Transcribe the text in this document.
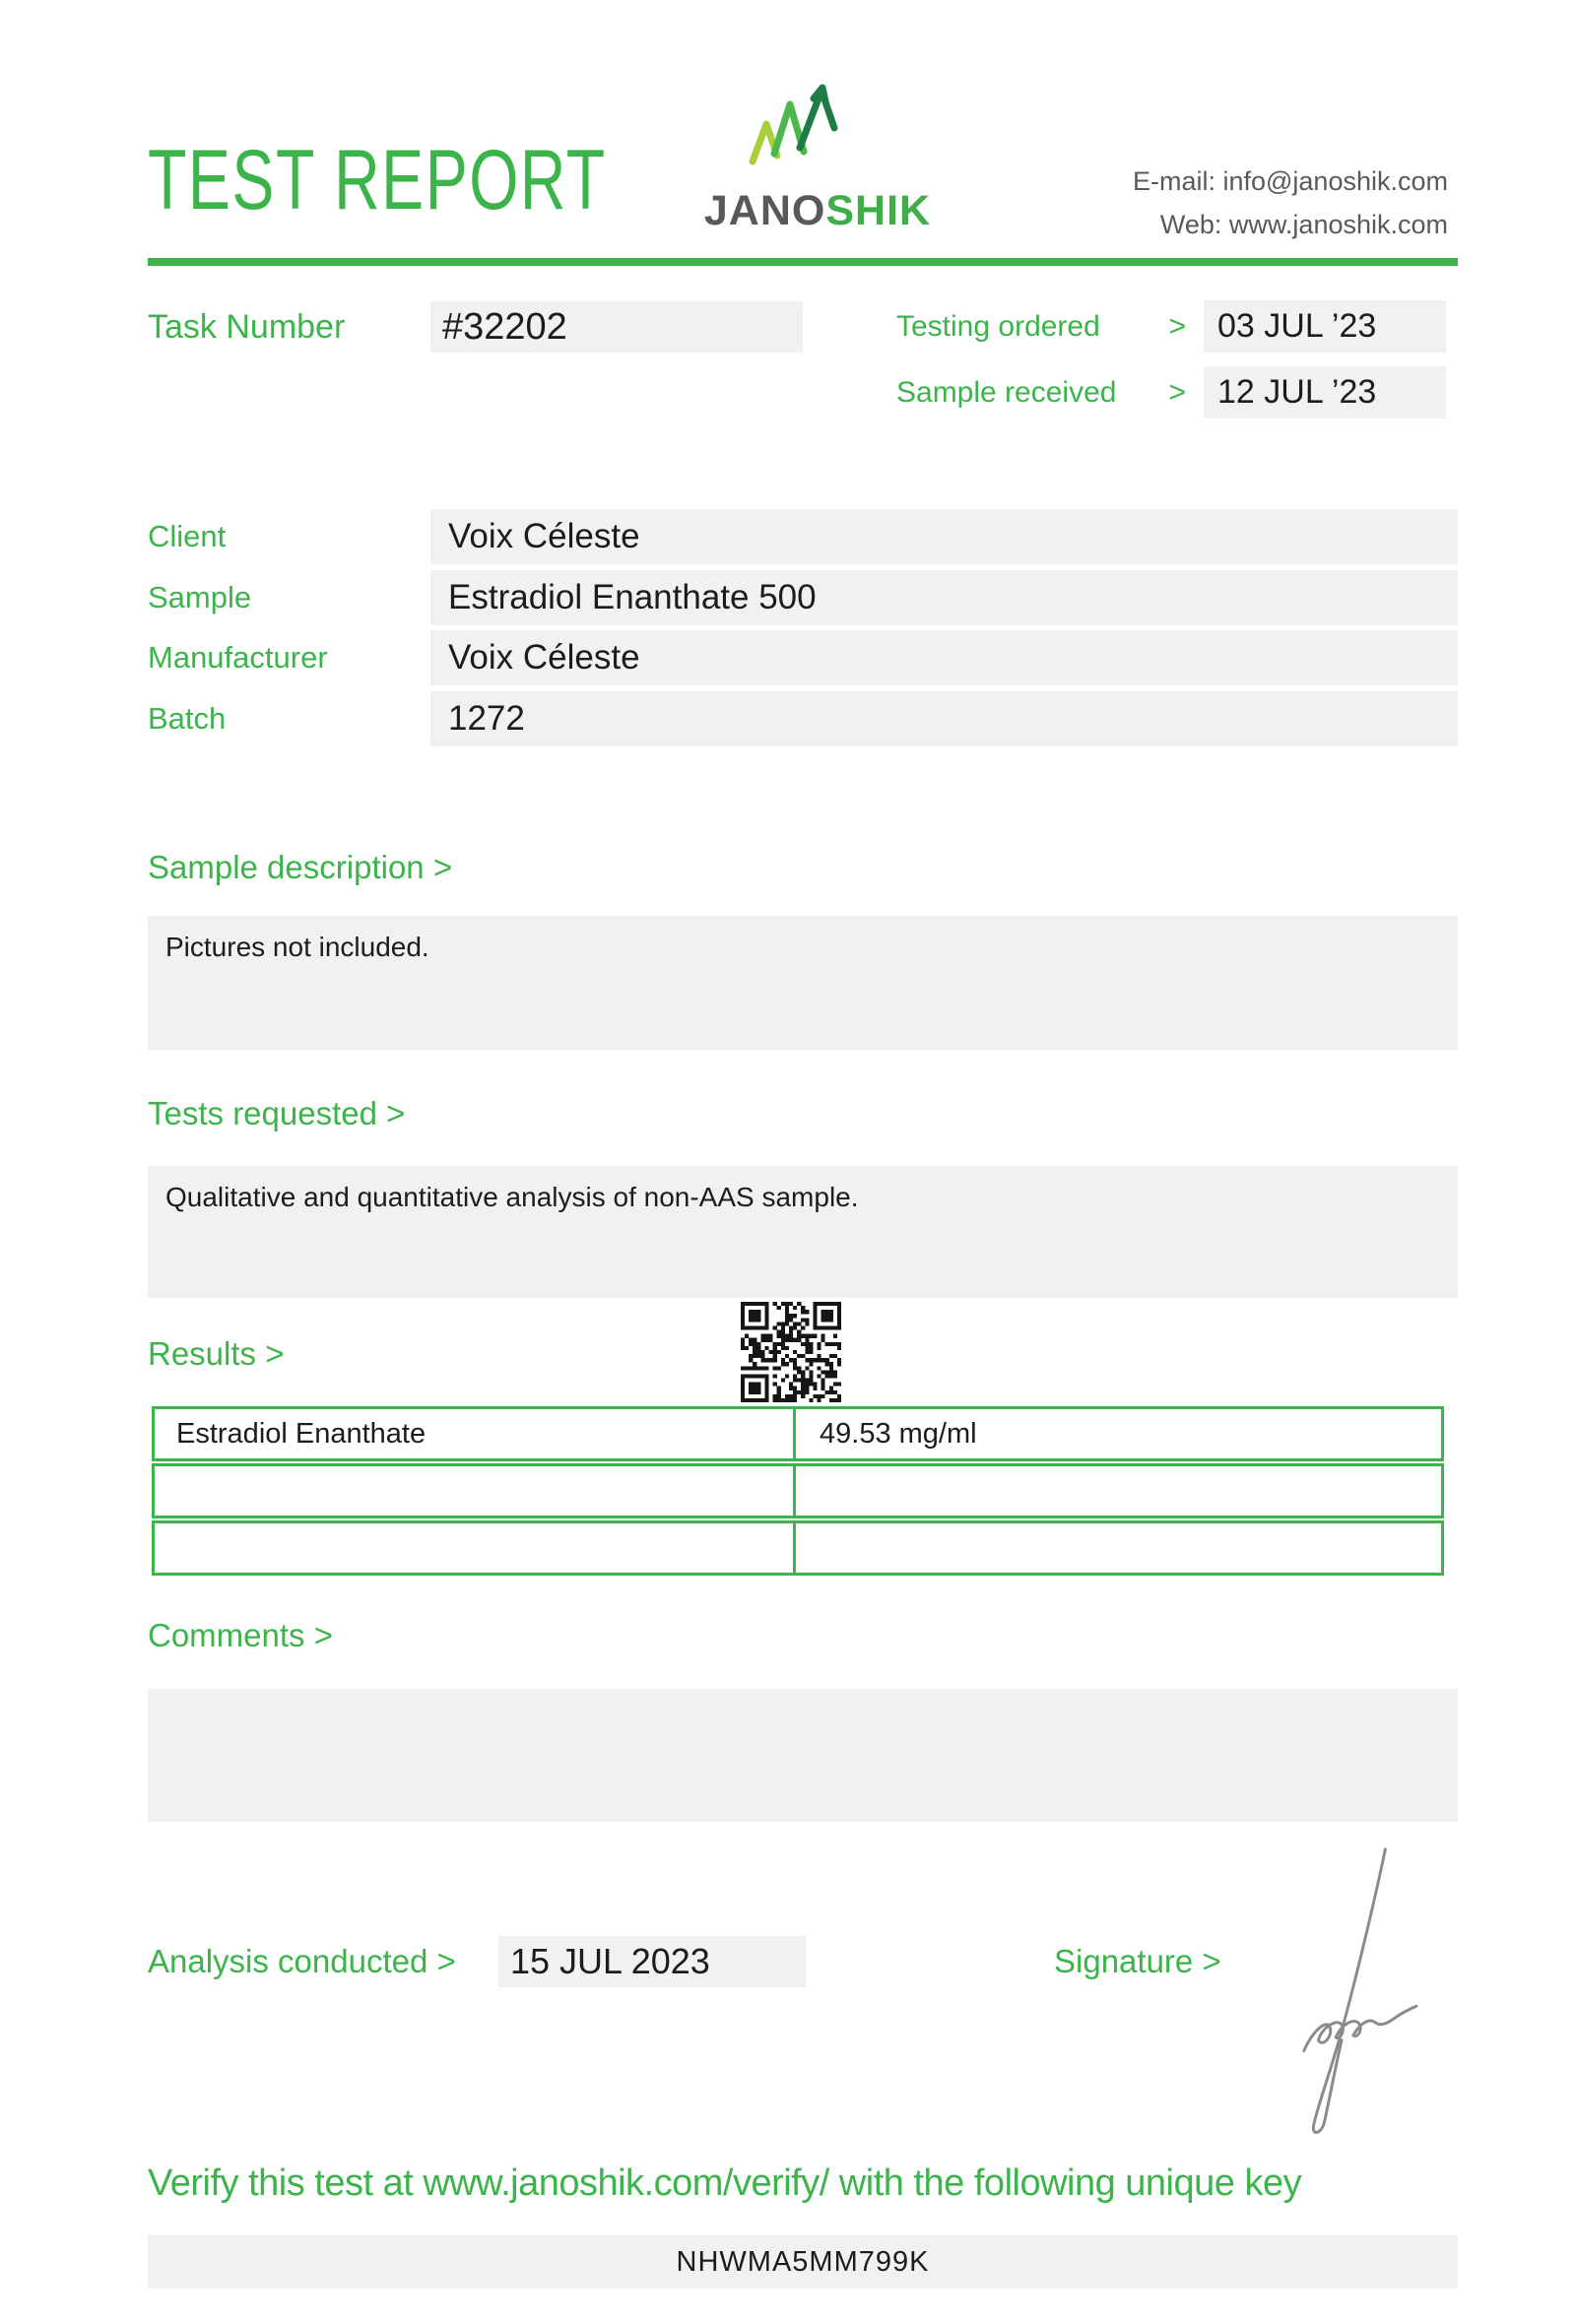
TEST REPORT	JANOSHIK
E-mail: info@janoshik.com
Web: www.janoshik.com
Task Number	#32202	Testing ordered > 03 JUL ’23
Sample received > 12 JUL ’23
Client	Voix Céleste
Sample	Estradiol Enanthate 500
Manufacturer	Voix Céleste
Batch	1272
Sample description >
Pictures not included.
Tests requested >
Qualitative and quantitative analysis of non-AAS sample.
Results >
Estradiol Enanthate	49.53 mg/ml
Comments >
Analysis conducted >	15 JUL 2023	Signature >
Verify this test at www.janoshik.com/verify/ with the following unique key
NHWMA5MM799K
